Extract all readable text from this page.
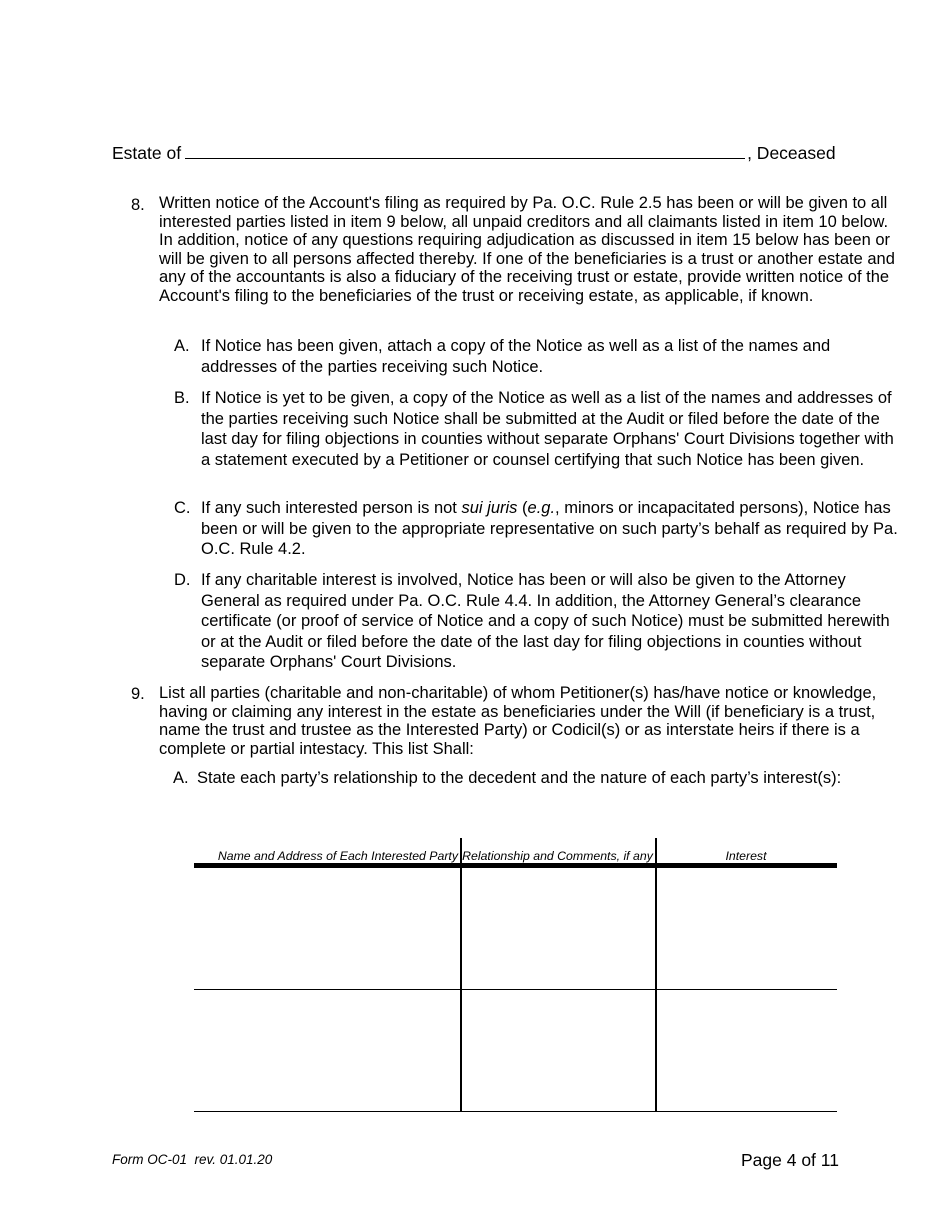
Estate of	, Deceased
8. Written notice of the Account's filing as required by Pa. O.C. Rule 2.5 has been or will be given to all interested parties listed in item 9 below, all unpaid creditors and all claimants listed in item 10 below. In addition, notice of any questions requiring adjudication as discussed in item 15 below has been or will be given to all persons affected thereby. If one of the beneficiaries is a trust or another estate and any of the accountants is also a fiduciary of the receiving trust or estate, provide written notice of the Account's filing to the beneficiaries of the trust or receiving estate, as applicable, if known.
A. If Notice has been given, attach a copy of the Notice as well as a list of the names and addresses of the parties receiving such Notice.
B. If Notice is yet to be given, a copy of the Notice as well as a list of the names and addresses of the parties receiving such Notice shall be submitted at the Audit or filed before the date of the last day for filing objections in counties without separate Orphans' Court Divisions together with a statement executed by a Petitioner or counsel certifying that such Notice has been given.
C. If any such interested person is not sui juris (e.g., minors or incapacitated persons), Notice has been or will be given to the appropriate representative on such party’s behalf as required by Pa. O.C. Rule 4.2.
D. If any charitable interest is involved, Notice has been or will also be given to the Attorney General as required under Pa. O.C. Rule 4.4. In addition, the Attorney General’s clearance certificate (or proof of service of Notice and a copy of such Notice) must be submitted herewith or at the Audit or filed before the date of the last day for filing objections in counties without separate Orphans' Court Divisions.
9. List all parties (charitable and non-charitable) of whom Petitioner(s) has/have notice or knowledge, having or claiming any interest in the estate as beneficiaries under the Will (if beneficiary is a trust, name the trust and trustee as the Interested Party) or Codicil(s) or as interstate heirs if there is a complete or partial intestacy. This list Shall:
A. State each party’s relationship to the decedent and the nature of each party’s interest(s):
Name and Address of Each Interested Party	Relationship and Comments, if any	Interest

Form OC-01  rev. 01.01.20	Page 4 of 11
